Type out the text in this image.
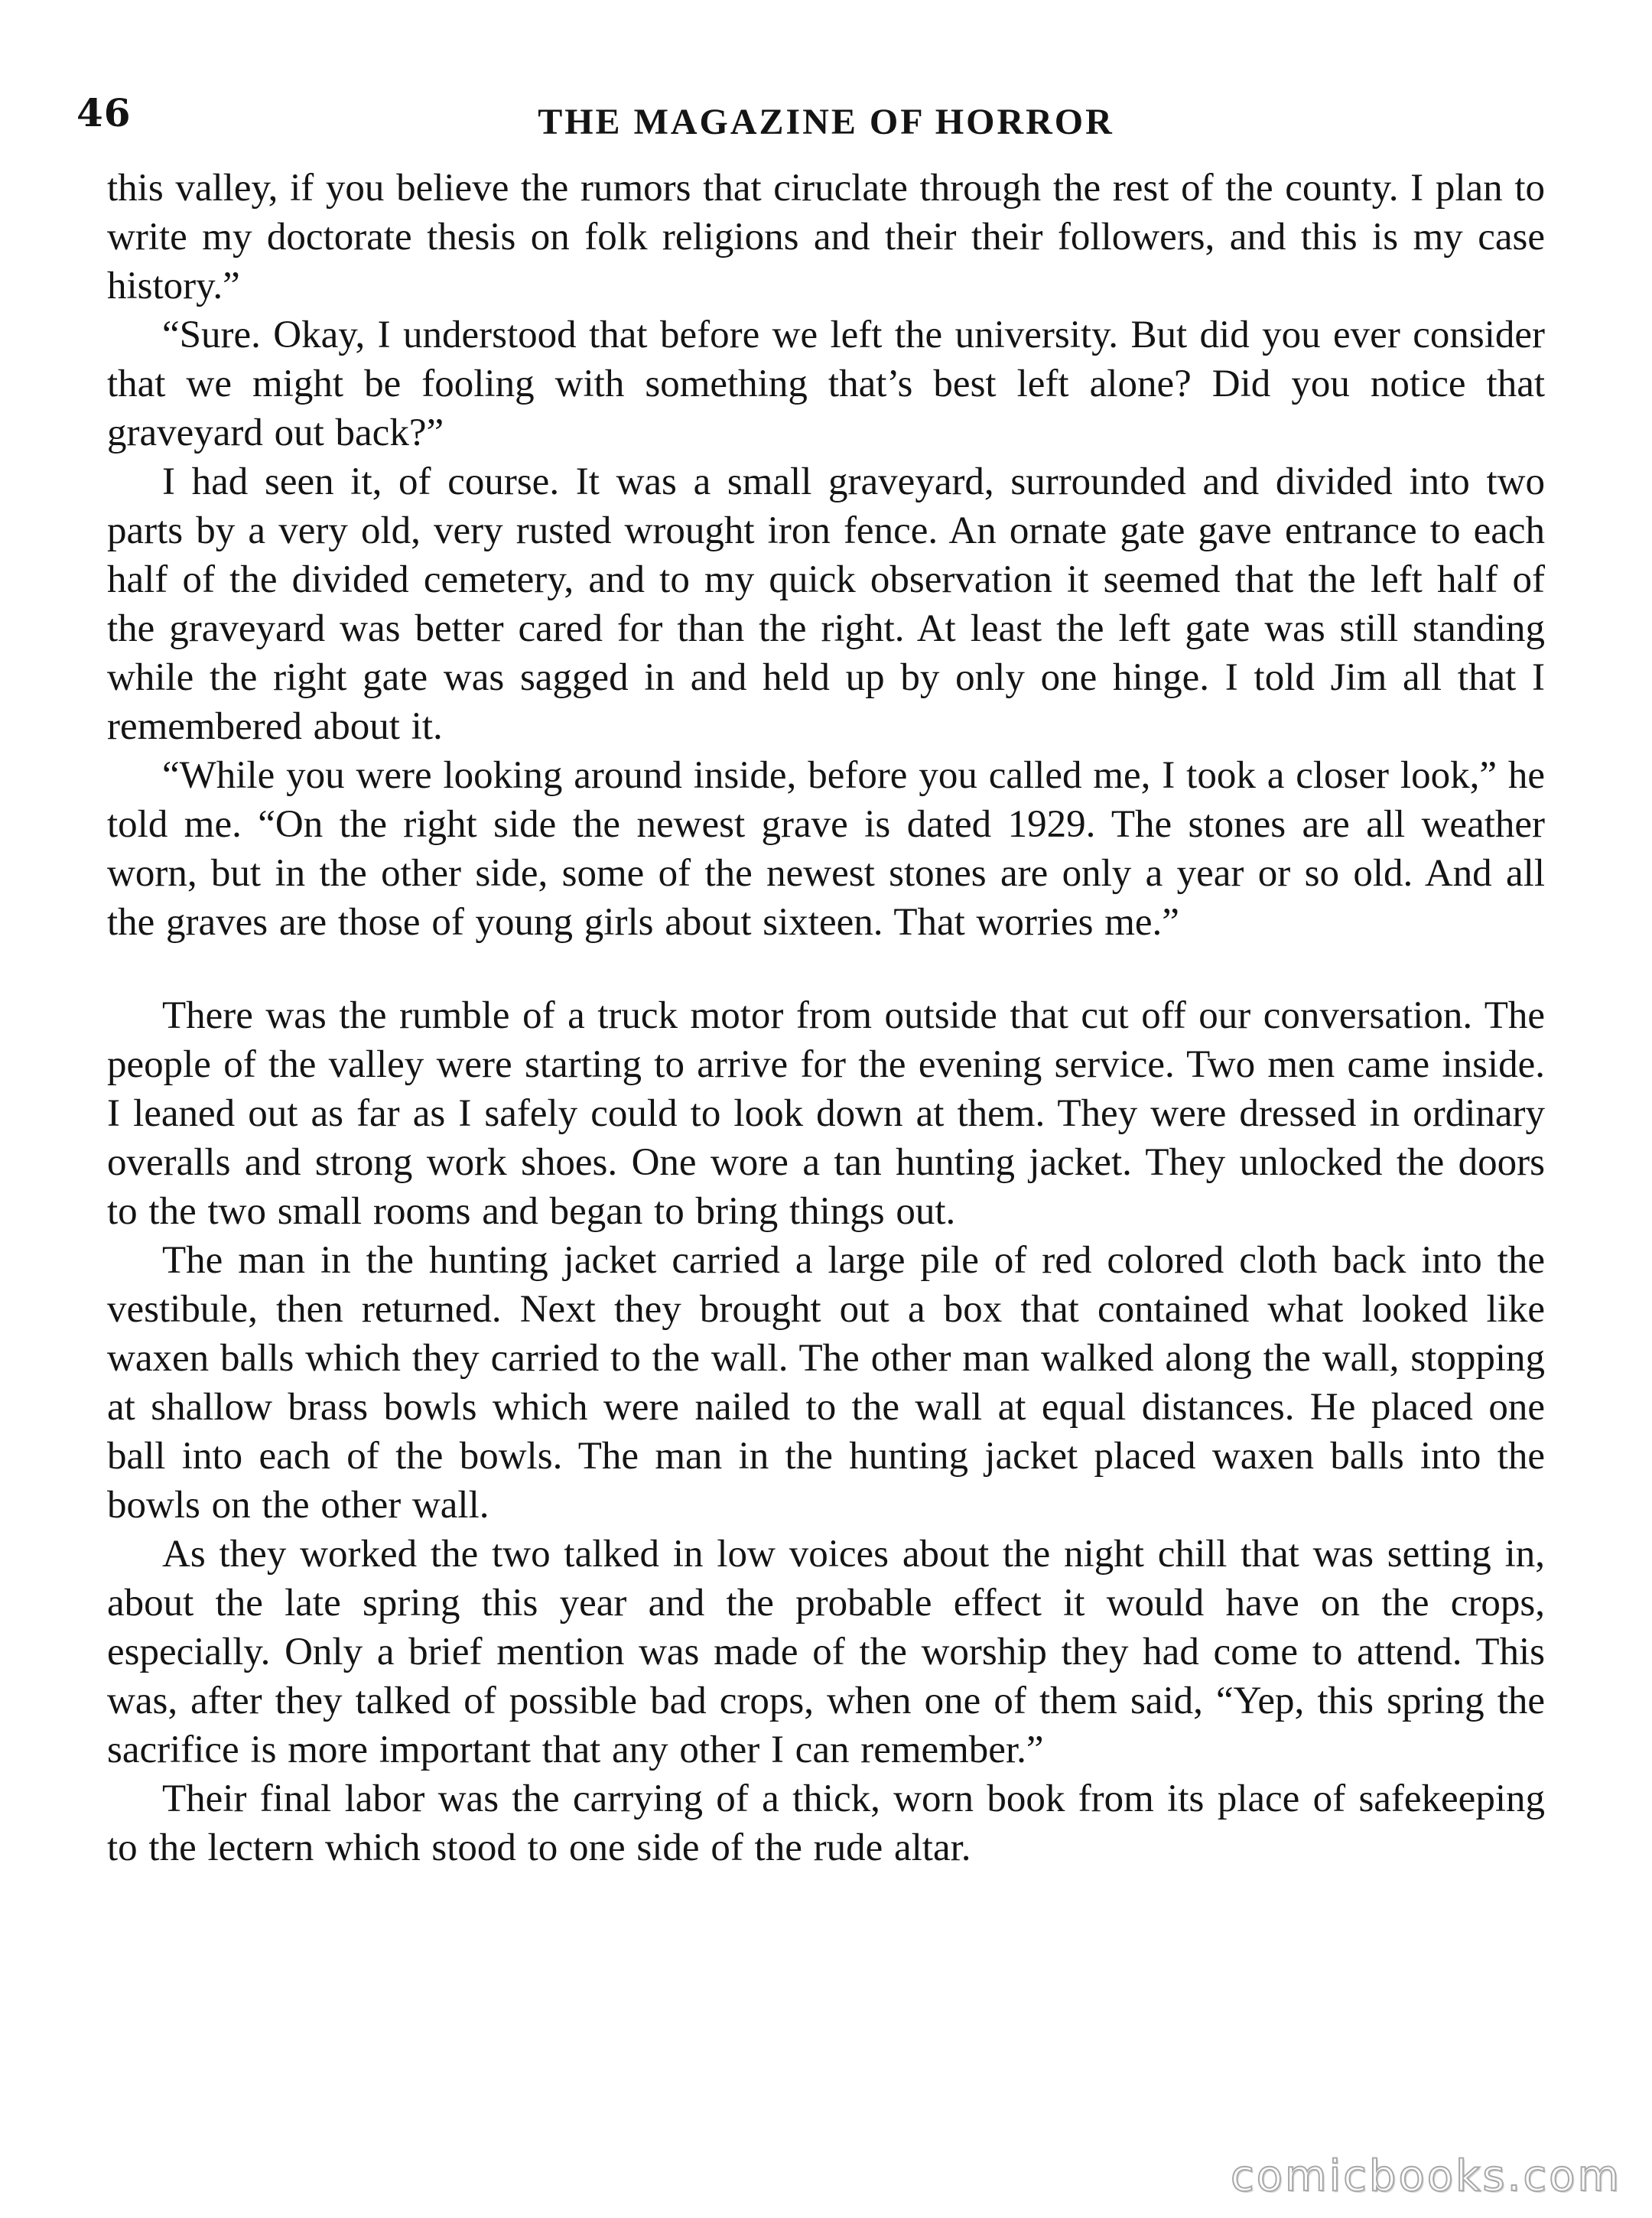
46	THE MAGAZINE OF HORROR

this valley, if you believe the rumors that ciruclate through the rest of the county. I plan to write my doctorate thesis on folk religions and their their followers, and this is my case history.”

“Sure. Okay, I understood that before we left the university. But did you ever consider that we might be fooling with something that’s best left alone? Did you notice that graveyard out back?”

I had seen it, of course. It was a small graveyard, surrounded and divided into two parts by a very old, very rusted wrought iron fence. An ornate gate gave entrance to each half of the divided cemetery, and to my quick observation it seemed that the left half of the graveyard was better cared for than the right. At least the left gate was still standing while the right gate was sagged in and held up by only one hinge. I told Jim all that I remembered about it.

“While you were looking around inside, before you called me, I took a closer look,” he told me. “On the right side the newest grave is dated 1929. The stones are all weather worn, but in the other side, some of the newest stones are only a year or so old. And all the graves are those of young girls about sixteen. That worries me.”

There was the rumble of a truck motor from outside that cut off our conversation. The people of the valley were starting to arrive for the evening service. Two men came inside. I leaned out as far as I safely could to look down at them. They were dressed in ordinary overalls and strong work shoes. One wore a tan hunting jacket. They unlocked the doors to the two small rooms and began to bring things out.

The man in the hunting jacket carried a large pile of red colored cloth back into the vestibule, then returned. Next they brought out a box that contained what looked like waxen balls which they carried to the wall. The other man walked along the wall, stopping at shallow brass bowls which were nailed to the wall at equal distances. He placed one ball into each of the bowls. The man in the hunting jacket placed waxen balls into the bowls on the other wall.

As they worked the two talked in low voices about the night chill that was setting in, about the late spring this year and the probable effect it would have on the crops, especially. Only a brief mention was made of the worship they had come to attend. This was, after they talked of possible bad crops, when one of them said, “Yep, this spring the sacrifice is more important that any other I can remember.”

Their final labor was the carrying of a thick, worn book from its place of safekeeping to the lectern which stood to one side of the rude altar.

comicbooks.com
